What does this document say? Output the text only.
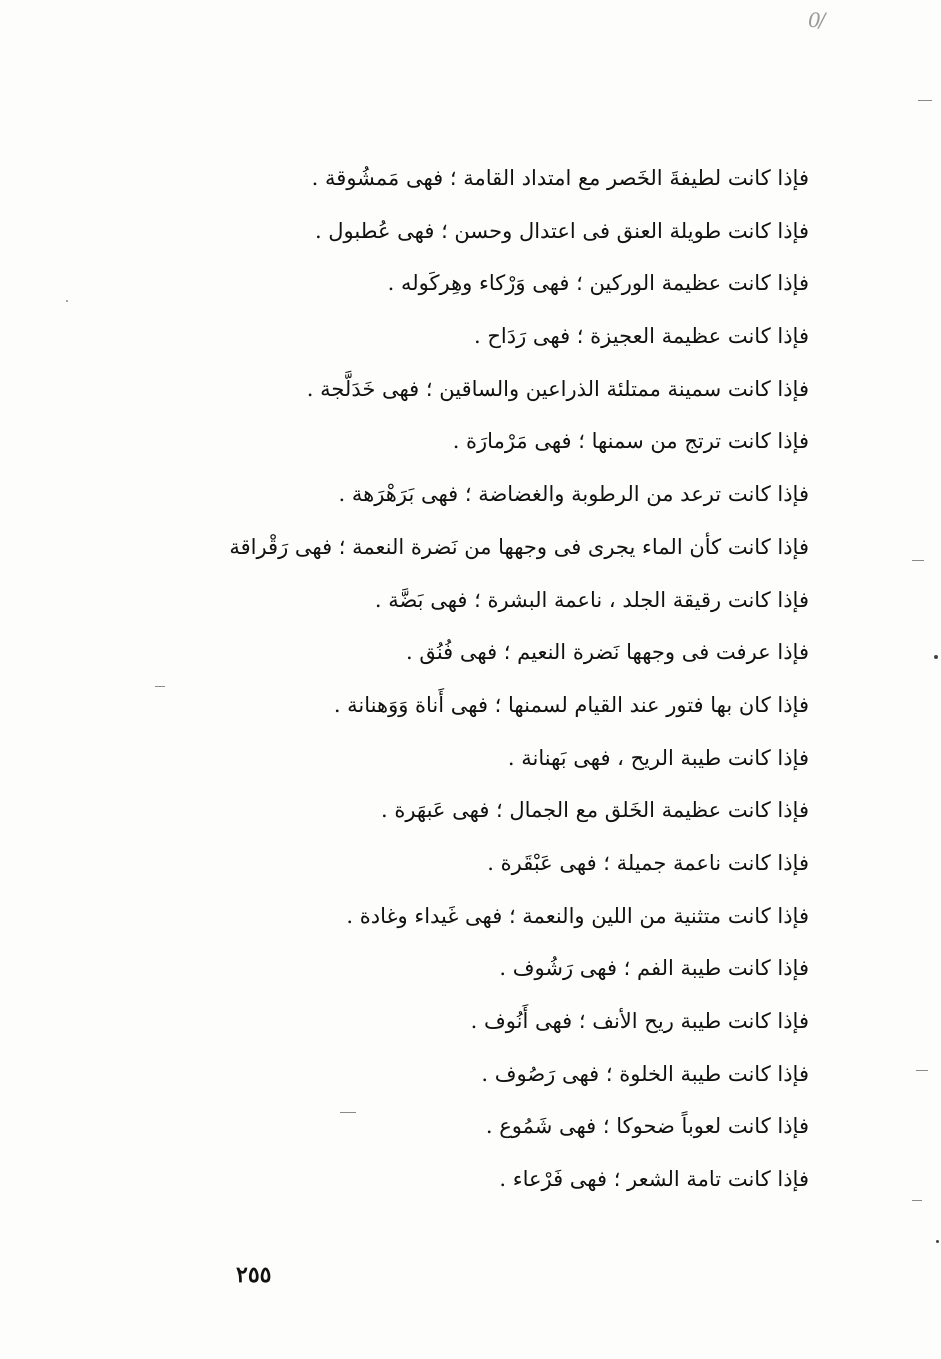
0/
فإذا كانت لطيفةَ الخَصر مع امتداد القامة ؛ فهى مَمشُوقة .
فإذا كانت طويلة العنق فى اعتدال وحسن ؛ فهى عُطبول .
فإذا كانت عظيمة الوركين ؛ فهى وَرْكاء وهِركَوله .
فإذا كانت عظيمة العجيزة ؛ فهى رَدَاح .
فإذا كانت سمينة ممتلئة الذراعين والساقين ؛ فهى خَدَلَّجة .
فإذا كانت ترتج من سمنها ؛ فهى مَرْمارَة .
فإذا كانت ترعد من الرطوبة والغضاضة ؛ فهى بَرَهْرَهة .
فإذا كانت كأن الماء يجرى فى وجهها من نَضرة النعمة ؛ فهى رَقْراقة
فإذا كانت رقيقة الجلد ، ناعمة البشرة ؛ فهى بَضَّة .
فإذا عرفت فى وجهها نَضرة النعيم ؛ فهى فُنُق .
فإذا كان بها فتور عند القيام لسمنها ؛ فهى أَناة وَوَهنانة .
فإذا كانت طيبة الريح ، فهى بَهنانة .
فإذا كانت عظيمة الخَلق مع الجمال ؛ فهى عَبهَرة .
فإذا كانت ناعمة جميلة ؛ فهى عَبْقَرة .
فإذا كانت متثنية من اللين والنعمة ؛ فهى غَيداء وغادة .
فإذا كانت طيبة الفم ؛ فهى رَشُوف .
فإذا كانت طيبة ريح الأنف ؛ فهى أَنُوف .
فإذا كانت طيبة الخلوة ؛ فهى رَصُوف .
فإذا كانت لعوباً ضحوكا ؛ فهى شَمُوع .
فإذا كانت تامة الشعر ؛ فهى فَرْعاء .
٢٥٥
